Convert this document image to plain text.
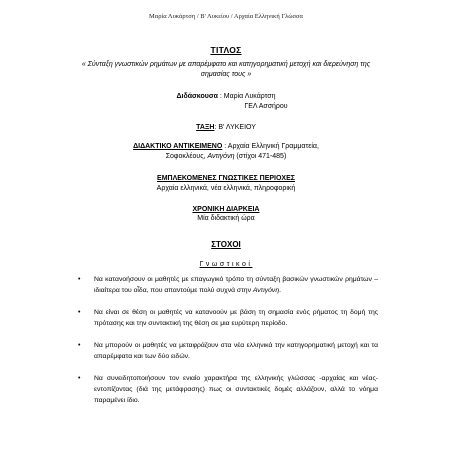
Μαρία Λυκάρτση / Β' Λυκείου / Αρχαία Ελληνική Γλώσσα
ΤΙΤΛΟΣ
« Σύνταξη γνωστικών ρημάτων με απαρέμφατο και κατηγορηματική μετοχή και διερεύνηση της σημασίας τους »
Διδάσκουσα : Μαρία Λυκάρτση
ΓΕΛ Ασσήρου
ΤΑΞΗ: Β' ΛΥΚΕΙΟΥ
ΔΙΔΑΚΤΙΚΟ ΑΝΤΙΚΕΙΜΕΝΟ : Αρχαία Ελληνική Γραμματεία,
Σοφοκλέους, Αντιγόνη (στίχοι 471-485)
ΕΜΠΛΕΚΟΜΕΝΕΣ ΓΝΩΣΤΙΚΕΣ ΠΕΡΙΟΧΕΣ
Αρχαία ελληνικά, νέα ελληνικά, πληροφορική
ΧΡΟΝΙΚΗ ΔΙΑΡΚΕΙΑ
Μία διδακτική ώρα
ΣΤΟΧΟΙ
Γνωστικοί
• Να κατανοήσουν οι μαθητές με επαγωγικό τρόπο τη σύνταξη βασικών γνωστικών ρημάτων – ιδιαίτερα του οἶδα, που απαντούμε πολύ συχνά στην Αντιγόνη.
• Να είναι σε θέση οι μαθητές να κατανοούν με βάση τη σημασία ενός ρήματος τη δομή της πρότασης και την συντακτική της θέση σε μια ευρύτερη περίοδο.
• Να μπορούν οι μαθητές να μεταφράζουν στα νέα ελληνικά την κατηγορηματική μετοχή και τα απαρέμφατα και των δύο ειδών.
• Να συνειδητοποιήσουν τον ενιαίο χαρακτήρα της ελληνικής γλώσσας -αρχαίας και νέας- εντοπίζοντας (διά της μετάφρασης) πως οι συντακτικές δομές αλλάζουν, αλλά το νόημα παραμένει ίδιο.
